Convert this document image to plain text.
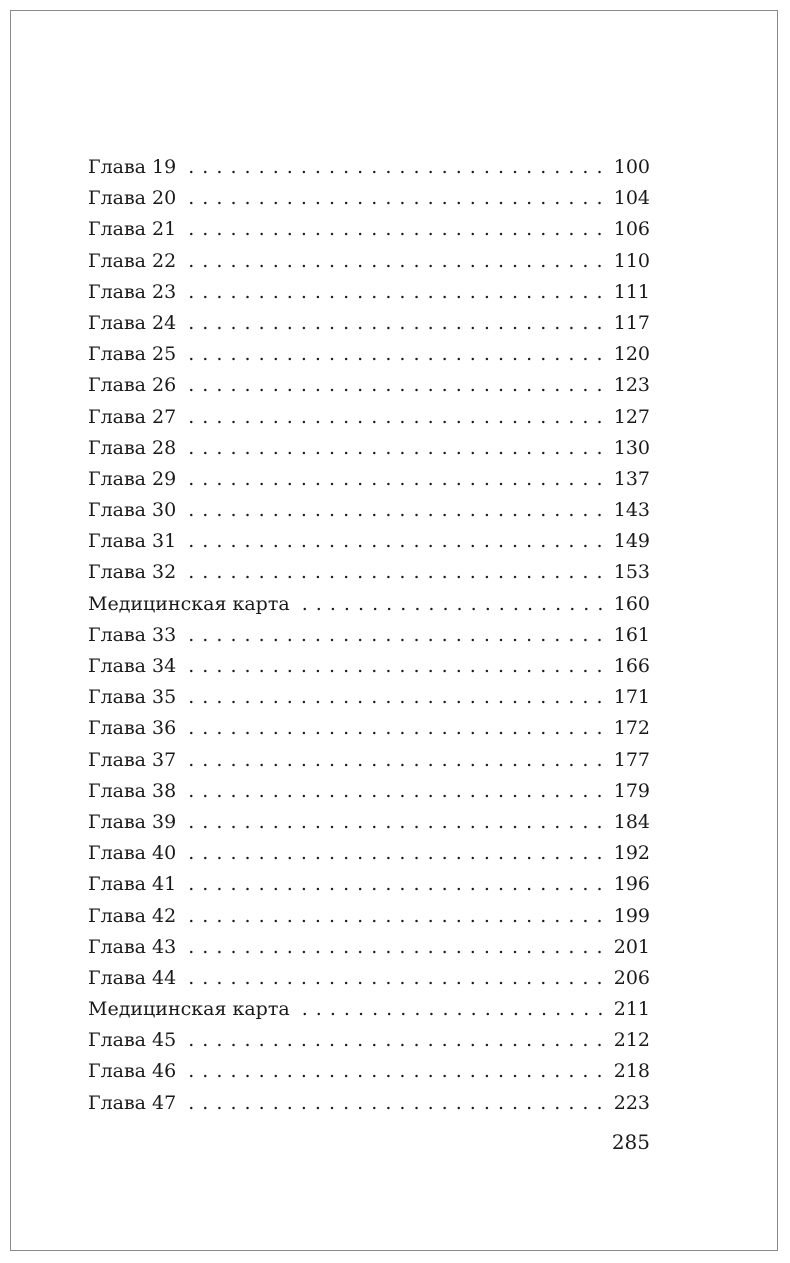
Глава 19 . . .	100
Глава 20 . . .	104
Глава 21 . . .	106
Глава 22 . . .	110
Глава 23 . . .	111
Глава 24 . . .	117
Глава 25 . . .	120
Глава 26 . . .	123
Глава 27 . . .	127
Глава 28 . . .	130
Глава 29 . . .	137
Глава 30 . . .	143
Глава 31 . . .	149
Глава 32 . . .	153
Медицинская карта . . .	160
Глава 33 . . .	161
Глава 34 . . .	166
Глава 35 . . .	171
Глава 36 . . .	172
Глава 37 . . .	177
Глава 38 . . .	179
Глава 39 . . .	184
Глава 40 . . .	192
Глава 41 . . .	196
Глава 42 . . .	199
Глава 43 . . .	201
Глава 44 . . .	206
Медицинская карта . . .	211
Глава 45 . . .	212
Глава 46 . . .	218
Глава 47 . . .	223
285
